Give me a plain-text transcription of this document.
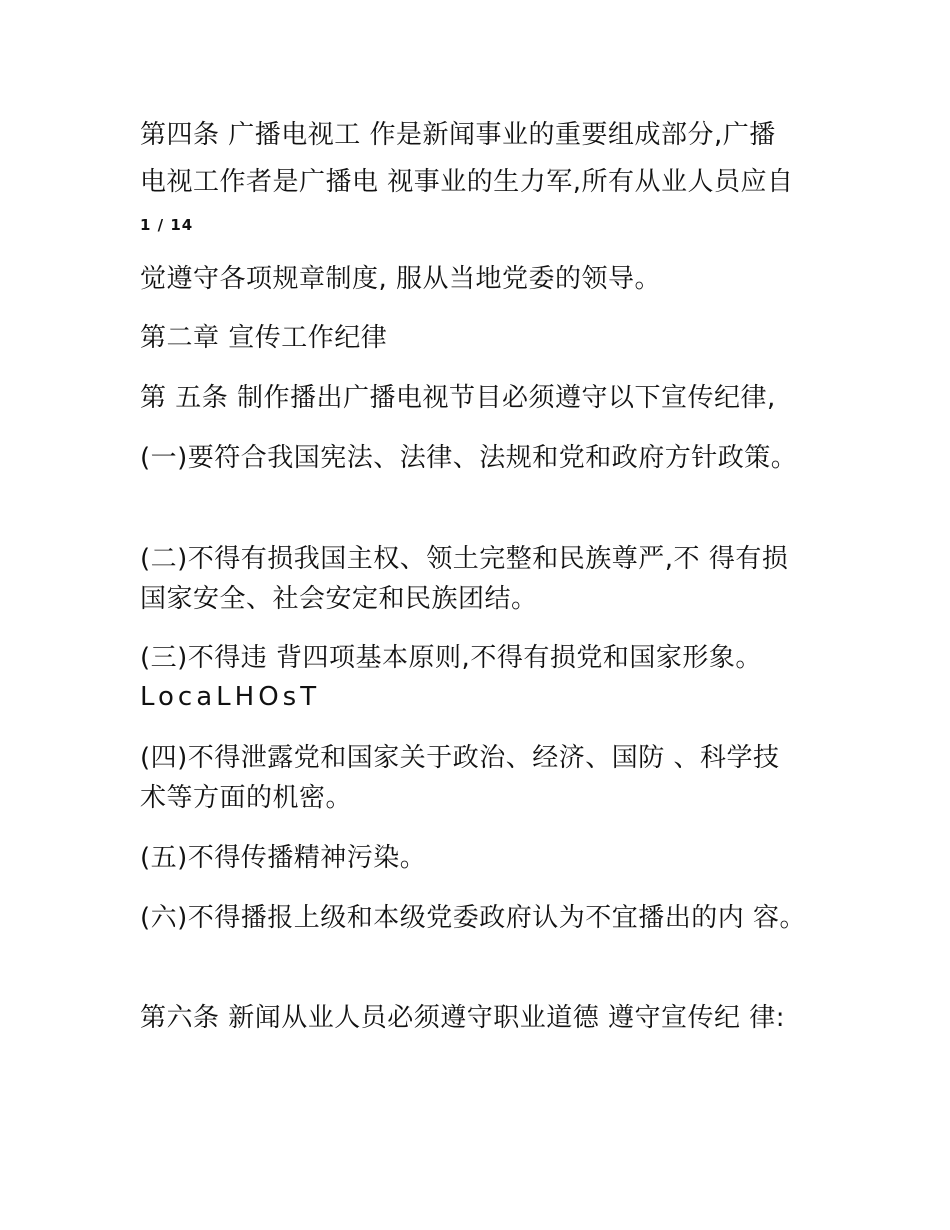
第四条 广播电视工 作是新闻事业的重要组成部分,广播
电视工作者是广播电 视事业的生力军,所有从业人员应自
1 / 14
觉遵守各项规章制度, 服从当地党委的领导。
第二章 宣传工作纪律
第 五条 制作播出广播电视节目必须遵守以下宣传纪律,
(一)要符合我国宪法、法律、法规和党和政府方针政策。
(二)不得有损我国主权、领土完整和民族尊严,不 得有损
国家安全、社会安定和民族团结。
(三)不得违 背四项基本原则,不得有损党和国家形象。
LocaLHOsT
(四)不得泄露党和国家关于政治、经济、国防 、科学技
术等方面的机密。
(五)不得传播精神污染。
(六)不得播报上级和本级党委政府认为不宜播出的内 容。
第六条 新闻从业人员必须遵守职业道德 遵守宣传纪 律:
